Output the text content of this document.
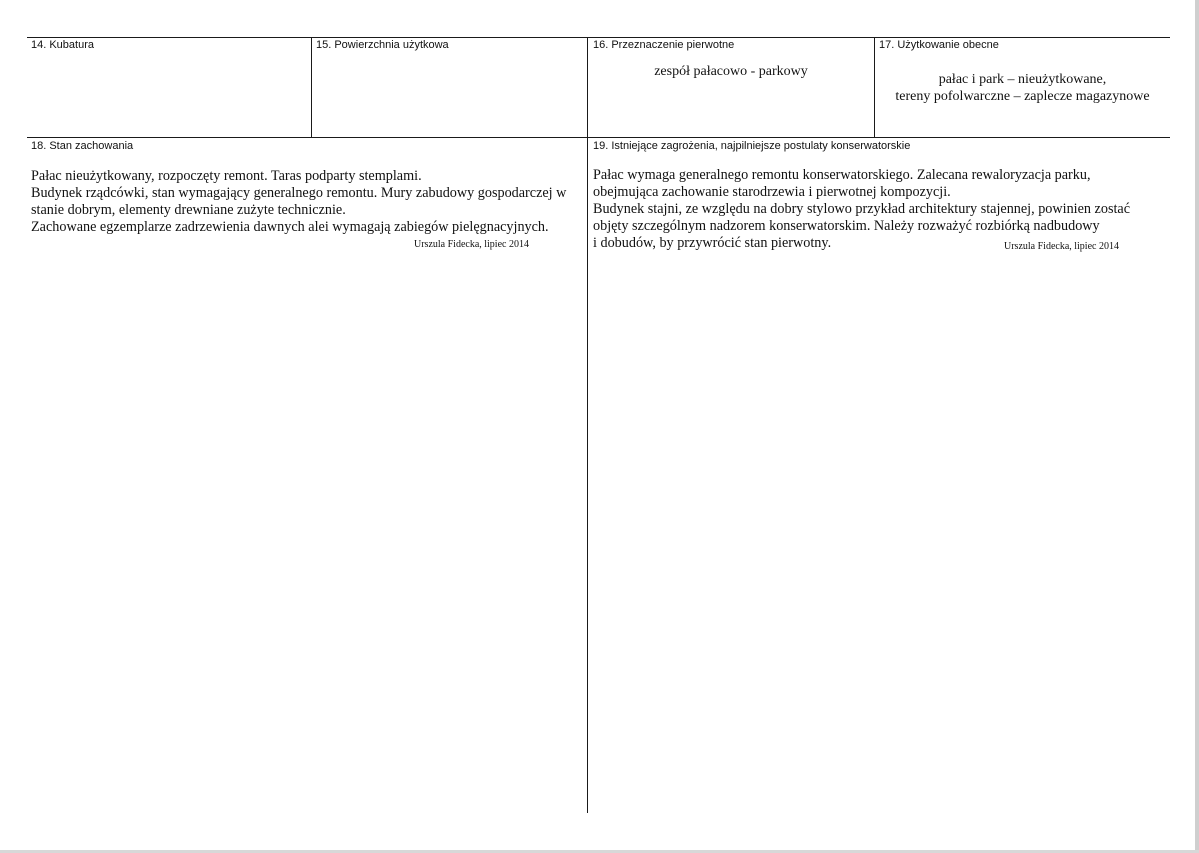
14. Kubatura	15. Powierzchnia użytkowa	16. Przeznaczenie pierwotne
zespół pałacowo - parkowy
17. Użytkowanie obecne
pałac i park – nieużytkowane,
tereny pofolwarczne – zaplecze magazynowe
18. Stan zachowania
Pałac nieużytkowany, rozpoczęty remont. Taras podparty stemplami.
Budynek rządcówki, stan wymagający generalnego remontu. Mury zabudowy gospodarczej w
stanie dobrym, elementy drewniane zużyte technicznie.
Zachowane egzemplarze zadrzewienia dawnych alei wymagają zabiegów pielęgnacyjnych.
Urszula Fidecka, lipiec 2014
19. Istniejące zagrożenia, najpilniejsze postulaty konserwatorskie
Pałac wymaga generalnego remontu konserwatorskiego. Zalecana rewaloryzacja parku,
obejmująca zachowanie starodrzewia i pierwotnej kompozycji.
Budynek stajni, ze względu na dobry stylowo przykład architektury stajennej, powinien zostać
objęty szczególnym nadzorem konserwatorskim. Należy rozważyć rozbiórką nadbudowy
i dobudów, by przywrócić stan pierwotny.	Urszula Fidecka, lipiec 2014
